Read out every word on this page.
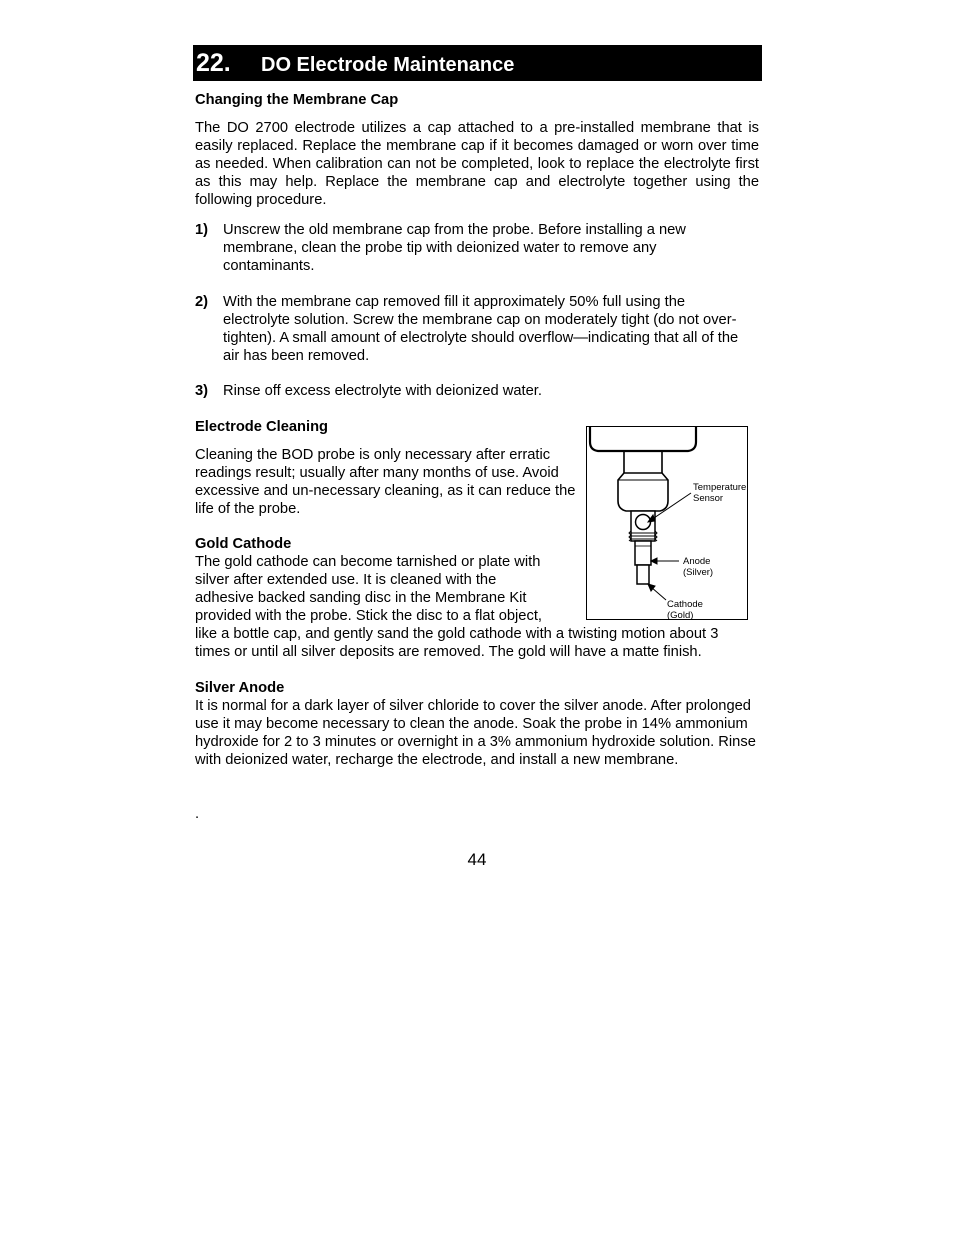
22. DO Electrode Maintenance
Changing the Membrane Cap
The DO 2700 electrode utilizes a cap attached to a pre-installed membrane that is easily replaced. Replace the membrane cap if it becomes damaged or worn over time as needed. When calibration can not be completed, look to replace the electrolyte first as this may help. Replace the membrane cap and electrolyte together using the following procedure.
1) Unscrew the old membrane cap from the probe. Before installing a new membrane, clean the probe tip with deionized water to remove any contaminants.
2) With the membrane cap removed fill it approximately 50% full using the electrolyte solution. Screw the membrane cap on moderately tight (do not over-tighten). A small amount of electrolyte should overflow—indicating that all of the air has been removed.
3) Rinse off excess electrolyte with deionized water.
Electrode Cleaning
Cleaning the BOD probe is only necessary after erratic readings result; usually after many months of use. Avoid excessive and un-necessary cleaning, as it can reduce the life of the probe.
Gold Cathode
The gold cathode can become tarnished or plate with
silver after extended use. It is cleaned with the
adhesive backed sanding disc in the Membrane Kit
provided with the probe. Stick the disc to a flat object,
like a bottle cap, and gently sand the gold cathode with a twisting motion about 3
times or until all silver deposits are removed. The gold will have a matte finish.
Silver Anode
It is normal for a dark layer of silver chloride to cover the silver anode. After prolonged use it may become necessary to clean the anode. Soak the probe in 14% ammonium hydroxide for 2 to 3 minutes or overnight in a 3% ammonium hydroxide solution. Rinse with deionized water, recharge the electrode, and install a new membrane.
.
Temperature
Sensor
Anode
(Silver)
Cathode
(Gold)
44
